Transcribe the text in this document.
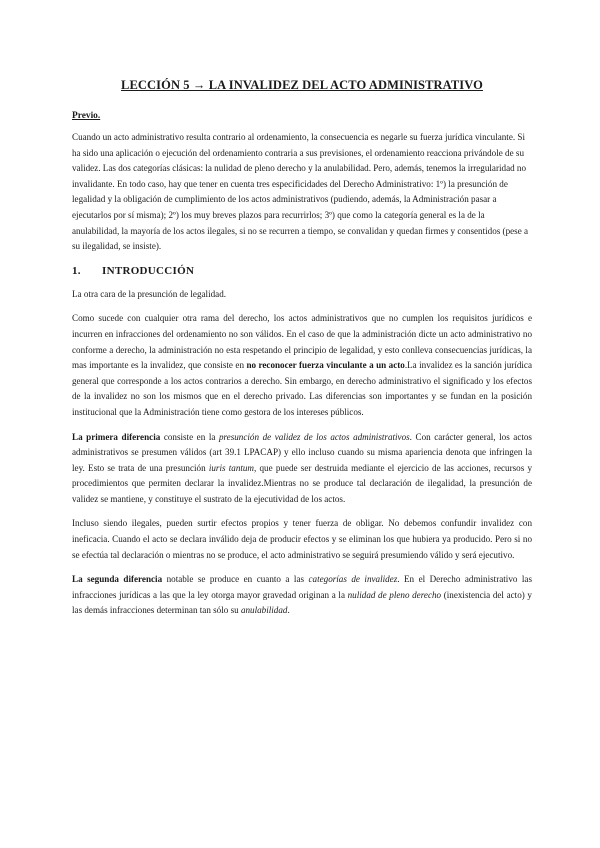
LECCIÓN 5 → LA INVALIDEZ DEL ACTO ADMINISTRATIVO
Previo.

Cuando un acto administrativo resulta contrario al ordenamiento, la consecuencia es negarle su fuerza jurídica vinculante. Si ha sido una aplicación o ejecución del ordenamiento contraria a sus previsiones, el ordenamiento reacciona privándole de su validez. Las dos categorías clásicas: la nulidad de pleno derecho y la anulabilidad. Pero, además, tenemos la irregularidad no invalidante. En todo caso, hay que tener en cuenta tres especificidades del Derecho Administrativo: 1º) la presunción de legalidad y la obligación de cumplimiento de los actos administrativos (pudiendo, además, la Administración pasar a ejecutarlos por sí misma); 2º) los muy breves plazos para recurrirlos; 3º) que como la categoría general es la de la anulabilidad, la mayoría de los actos ilegales, si no se recurren a tiempo, se convalidan y quedan firmes y consentidos (pese a su ilegalidad, se insiste).

1. INTRODUCCIÓN

La otra cara de la presunción de legalidad.

Como sucede con cualquier otra rama del derecho, los actos administrativos que no cumplen los requisitos jurídicos e incurren en infracciones del ordenamiento no son válidos. En el caso de que la administración dicte un acto administrativo no conforme a derecho, la administración no esta respetando el principio de legalidad, y esto conlleva consecuencias jurídicas, la mas importante es la invalidez, que consiste en no reconocer fuerza vinculante a un acto.La invalidez es la sanción jurídica general que corresponde a los actos contrarios a derecho. Sin embargo, en derecho administrativo el significado y los efectos de la invalidez no son los mismos que en el derecho privado. Las diferencias son importantes y se fundan en la posición institucional que la Administración tiene como gestora de los intereses públicos.

La primera diferencia consiste en la presunción de validez de los actos administrativos. Con carácter general, los actos administrativos se presumen válidos (art 39.1 LPACAP) y ello incluso cuando su misma apariencia denota que infringen la ley. Esto se trata de una presunción iuris tantum, que puede ser destruida mediante el ejercicio de las acciones, recursos y procedimientos que permiten declarar la invalidez.Mientras no se produce tal declaración de ilegalidad, la presunción de validez se mantiene, y constituye el sustrato de la ejecutividad de los actos.

Incluso siendo ilegales, pueden surtir efectos propios y tener fuerza de obligar. No debemos confundir invalidez con ineficacia. Cuando el acto se declara inválido deja de producir efectos y se eliminan los que hubiera ya producido. Pero si no se efectúa tal declaración o mientras no se produce, el acto administrativo se seguirá presumiendo válido y será ejecutivo.

La segunda diferencia notable se produce en cuanto a las categorías de invalidez. En el Derecho administrativo las infracciones jurídicas a las que la ley otorga mayor gravedad originan a la nulidad de pleno derecho (inexistencia del acto) y las demás infracciones determinan tan sólo su anulabilidad.
